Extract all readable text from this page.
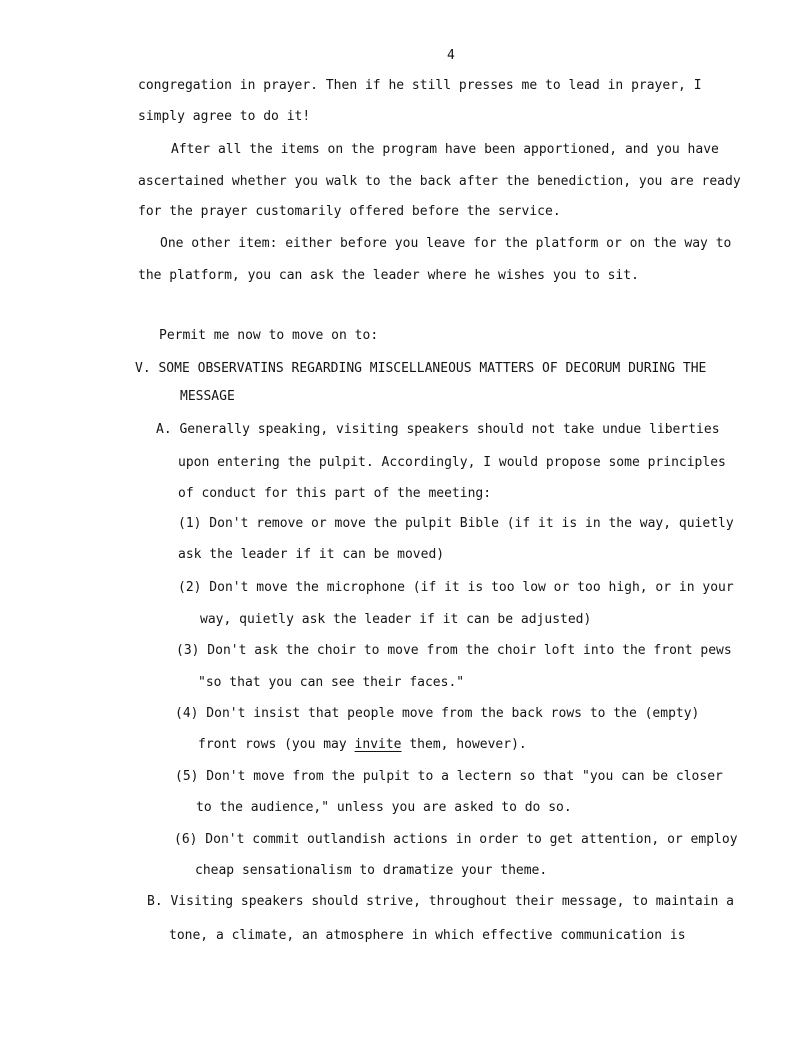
4
congregation in prayer. Then if he still presses me to lead in prayer, I
simply agree to do it!
After all the items on the program have been apportioned, and you have
ascertained whether you walk to the back after the benediction, you are ready
for the prayer customarily offered before the service.
One other item: either before you leave for the platform or on the way to
the platform, you can ask the leader where he wishes you to sit.
Permit me now to move on to:
V. SOME OBSERVATINS REGARDING MISCELLANEOUS MATTERS OF DECORUM DURING THE
MESSAGE
A. Generally speaking, visiting speakers should not take undue liberties
upon entering the pulpit. Accordingly, I would propose some principles
of conduct for this part of the meeting:
(1) Don't remove or move the pulpit Bible (if it is in the way, quietly
ask the leader if it can be moved)
(2) Don't move the microphone (if it is too low or too high, or in your
way, quietly ask the leader if it can be adjusted)
(3) Don't ask the choir to move from the choir loft into the front pews
"so that you can see their faces."
(4) Don't insist that people move from the back rows to the (empty)
front rows (you may invite them, however).
(5) Don't move from the pulpit to a lectern so that "you can be closer
to the audience," unless you are asked to do so.
(6) Don't commit outlandish actions in order to get attention, or employ
cheap sensationalism to dramatize your theme.
B. Visiting speakers should strive, throughout their message, to maintain a
tone, a climate, an atmosphere in which effective communication is
